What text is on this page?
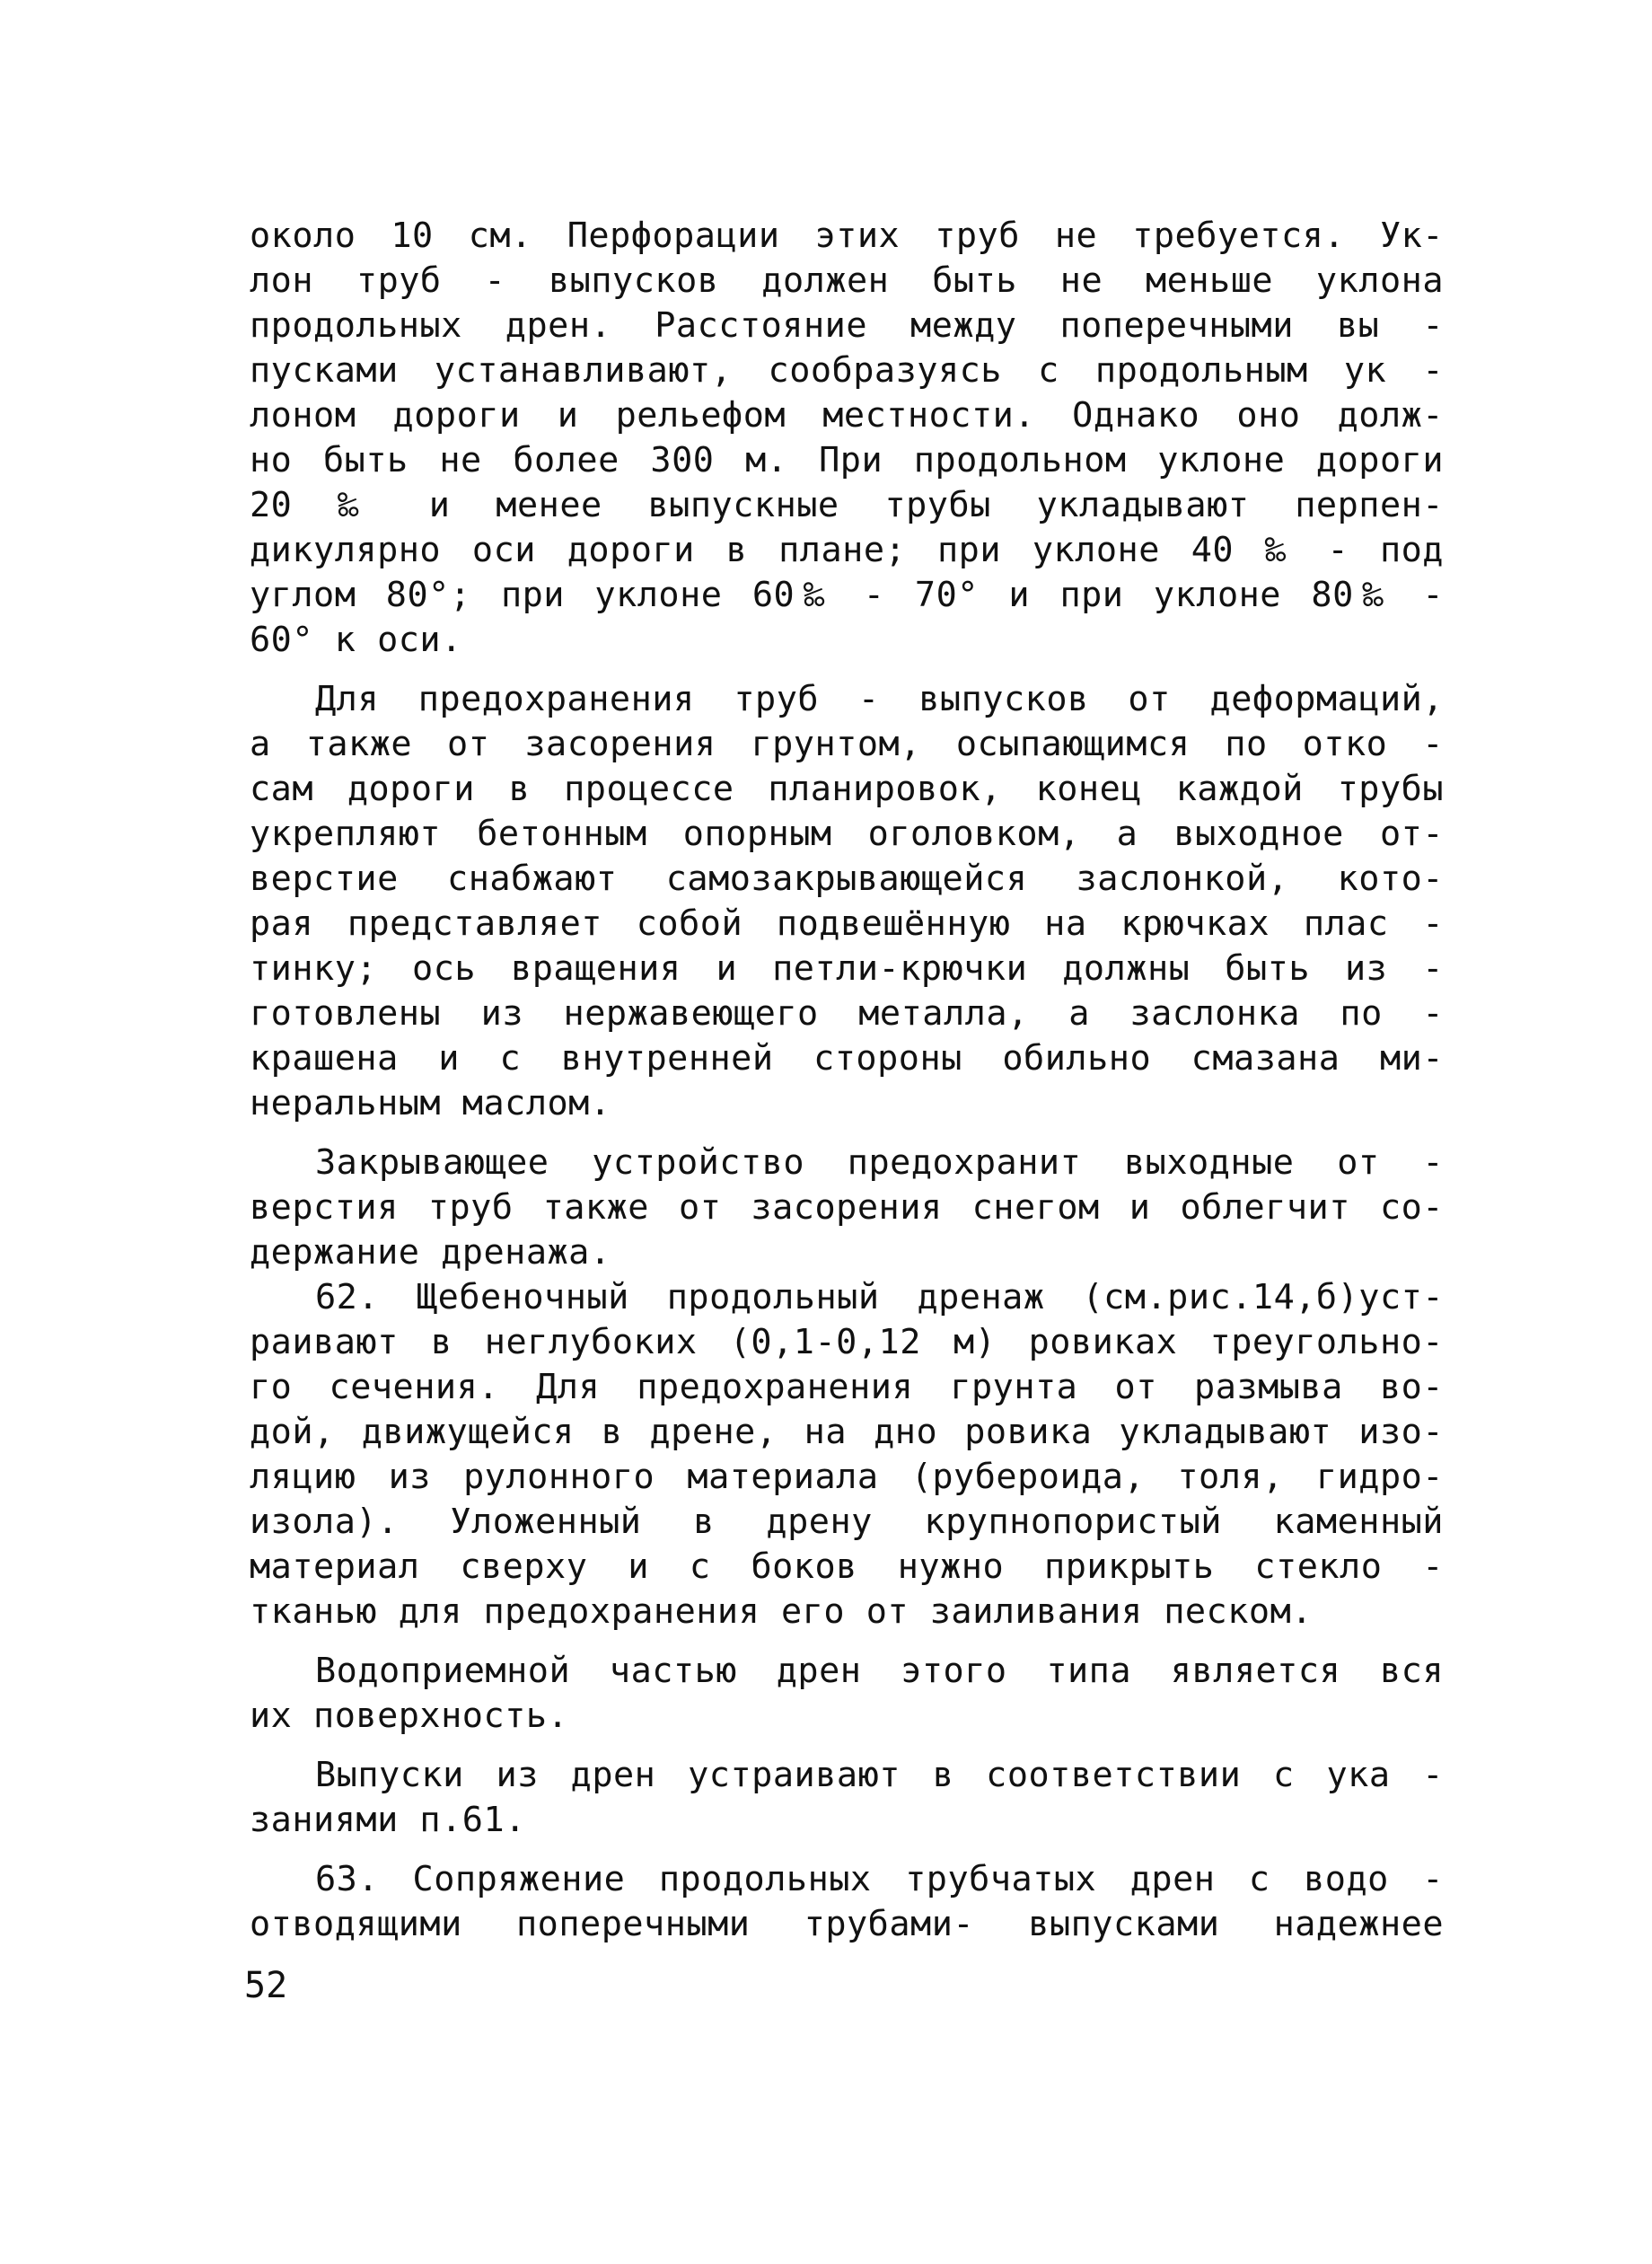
около 10 см. Перфорации этих труб не требуется. Ук-
лон труб - выпусков должен быть не меньше уклона
продольных дрен. Расстояние между поперечными вы -
пусками устанавливают, сообразуясь с продольным ук -
лоном дороги и рельефом местности. Однако оно долж-
но быть не более 300 м. При продольном уклоне дороги
20 ‰ и менее выпускные трубы укладывают перпен-
дикулярно оси дороги в плане; при уклоне 40 ‰ - под
углом 80°; при уклоне 60‰ - 70° и при уклоне 80‰ -
60° к оси.
Для предохранения труб - выпусков от деформаций,
а также от засорения грунтом, осыпающимся по отко -
сам дороги в процессе планировок, конец каждой трубы
укрепляют бетонным опорным оголовком, а выходное от-
верстие снабжают самозакрывающейся заслонкой, кото-
рая представляет собой подвешённую на крючках плас -
тинку; ось вращения и петли-крючки должны быть из -
готовлены из нержавеющего металла, а заслонка по -
крашена и с внутренней стороны обильно смазана ми-
неральным маслом.
Закрывающее устройство предохранит выходные от -
верстия труб также от засорения снегом и облегчит со-
держание дренажа.
62. Щебеночный продольный дренаж (см.рис.14,б)уст-
раивают в неглубоких (0,1-0,12 м) ровиках треугольно-
го сечения. Для предохранения грунта от размыва во-
дой, движущейся в дрене, на дно ровика укладывают изо-
ляцию из рулонного материала (рубероида, толя, гидро-
изола). Уложенный в дрену крупнопористый каменный
материал сверху и с боков нужно прикрыть стекло -
тканью для предохранения его от заиливания песком.
Водоприемной частью дрен этого типа является вся
их поверхность.
Выпуски из дрен устраивают в соответствии с ука -
заниями п.61.
63. Сопряжение продольных трубчатых дрен с водо -
отводящими поперечными трубами- выпусками надежнее
52
